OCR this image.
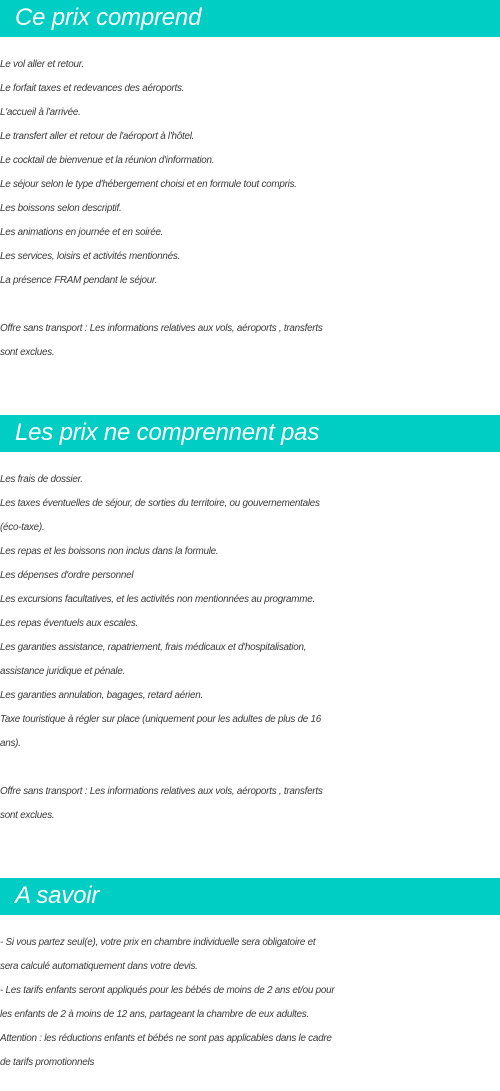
Ce prix comprend
Le vol aller et retour.
Le forfait taxes et redevances des aéroports.
L'accueil à l'arrivée.
Le transfert aller et retour de l'aéroport à l'hôtel.
Le cocktail de bienvenue et la réunion d'information.
Le séjour selon le type d'hébergement choisi et en formule tout compris.
Les boissons selon descriptif.
Les animations en journée et en soirée.
Les services, loisirs et activités mentionnés.
La présence FRAM pendant le séjour.
Offre sans transport : Les informations relatives aux vols, aéroports , transferts
sont exclues.
Les prix ne comprennent pas
Les frais de dossier.
Les taxes éventuelles de séjour, de sorties du territoire, ou gouvernementales
(éco-taxe).
Les repas et les boissons non inclus dans la formule.
Les dépenses d'ordre personnel
Les excursions facultatives, et les activités non mentionnées au programme.
Les repas éventuels aux escales.
Les garanties assistance, rapatriement, frais médicaux et d'hospitalisation,
assistance juridique et pénale.
Les garanties annulation, bagages, retard aérien.
Taxe touristique à régler sur place (uniquement pour les adultes de plus de 16
ans).
Offre sans transport : Les informations relatives aux vols, aéroports , transferts
sont exclues.
A savoir
- Si vous partez seul(e), votre prix en chambre individuelle sera obligatoire et
sera calculé automatiquement dans votre devis.
- Les tarifs enfants seront appliqués pour les bébés de moins de 2 ans et/ou pour
les enfants de 2 à moins de 12 ans, partageant la chambre de eux adultes.
Attention : les réductions enfants et bébés ne sont pas applicables dans le cadre
de tarifs promotionnels
